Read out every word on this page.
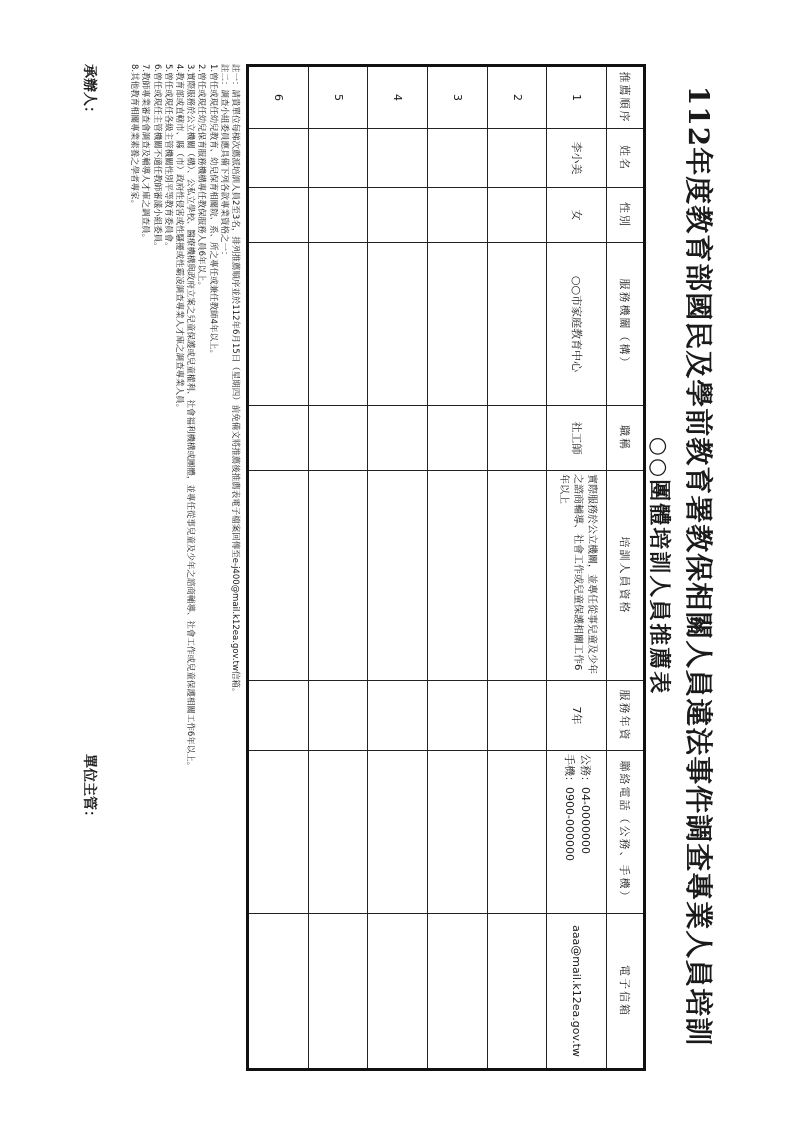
112年度教育部國民及學前教育署教保相關人員違法事件調查專業人員培訓
○○團體培訓人員推薦表
推薦順序	姓名	性別	服務機關（構）	職稱	培訓人員資格	服務年資	聯絡電話（公務、手機）	電子信箱
1	李小美	女	○○市家庭教育中心	社工師	實際服務於公立機關，並專任從事兒童及少年之諮商輔導、社會工作或兒童保護相關工作6年以上	7年	公務：04-0000000
手機：0900-000000	aaa@mail.k12ea.gov.tw
2								
3								
4								
5								
6								
註一：請貴單位每梯次薦派培訓人員2至3名，排列推薦順序並於112年6月15日（星期四）前免備文將推薦後推薦表電子檔案回傳至e-j400@mail.k12ea.gov.tw信箱。
註二：調查小組委員應具備下列各款專業資格之一：
1.曾任或現任幼兒教育、幼兒保育相關院、系、所之專任或兼任教師4年以上。
2.曾任或現任幼兒保育服務機構專任教保服務人員6年以上。
3.實際服務於公立機關（構）、公私立學校、醫療機構與政府立案之兒童保護或兒童權利、社會福利機構或團體，並專任從事兒童及少年之諮商輔導、社會工作或兒童保護相關工作6年以上。
4.教育部或直轄市、縣（市）政府性侵害或性騷擾或性霸凌調查專業人才庫之調查專業人員。
5.曾任或現任各級主管機關性別平等教育委員會。
6.曾任或現任主管機關不適任教師審議小組委員。
7.教師專業審查會調查及輔導人才庫之調查員。
8.其他教育相關專業素養之學者專家。
承辦人：
單位主管：
